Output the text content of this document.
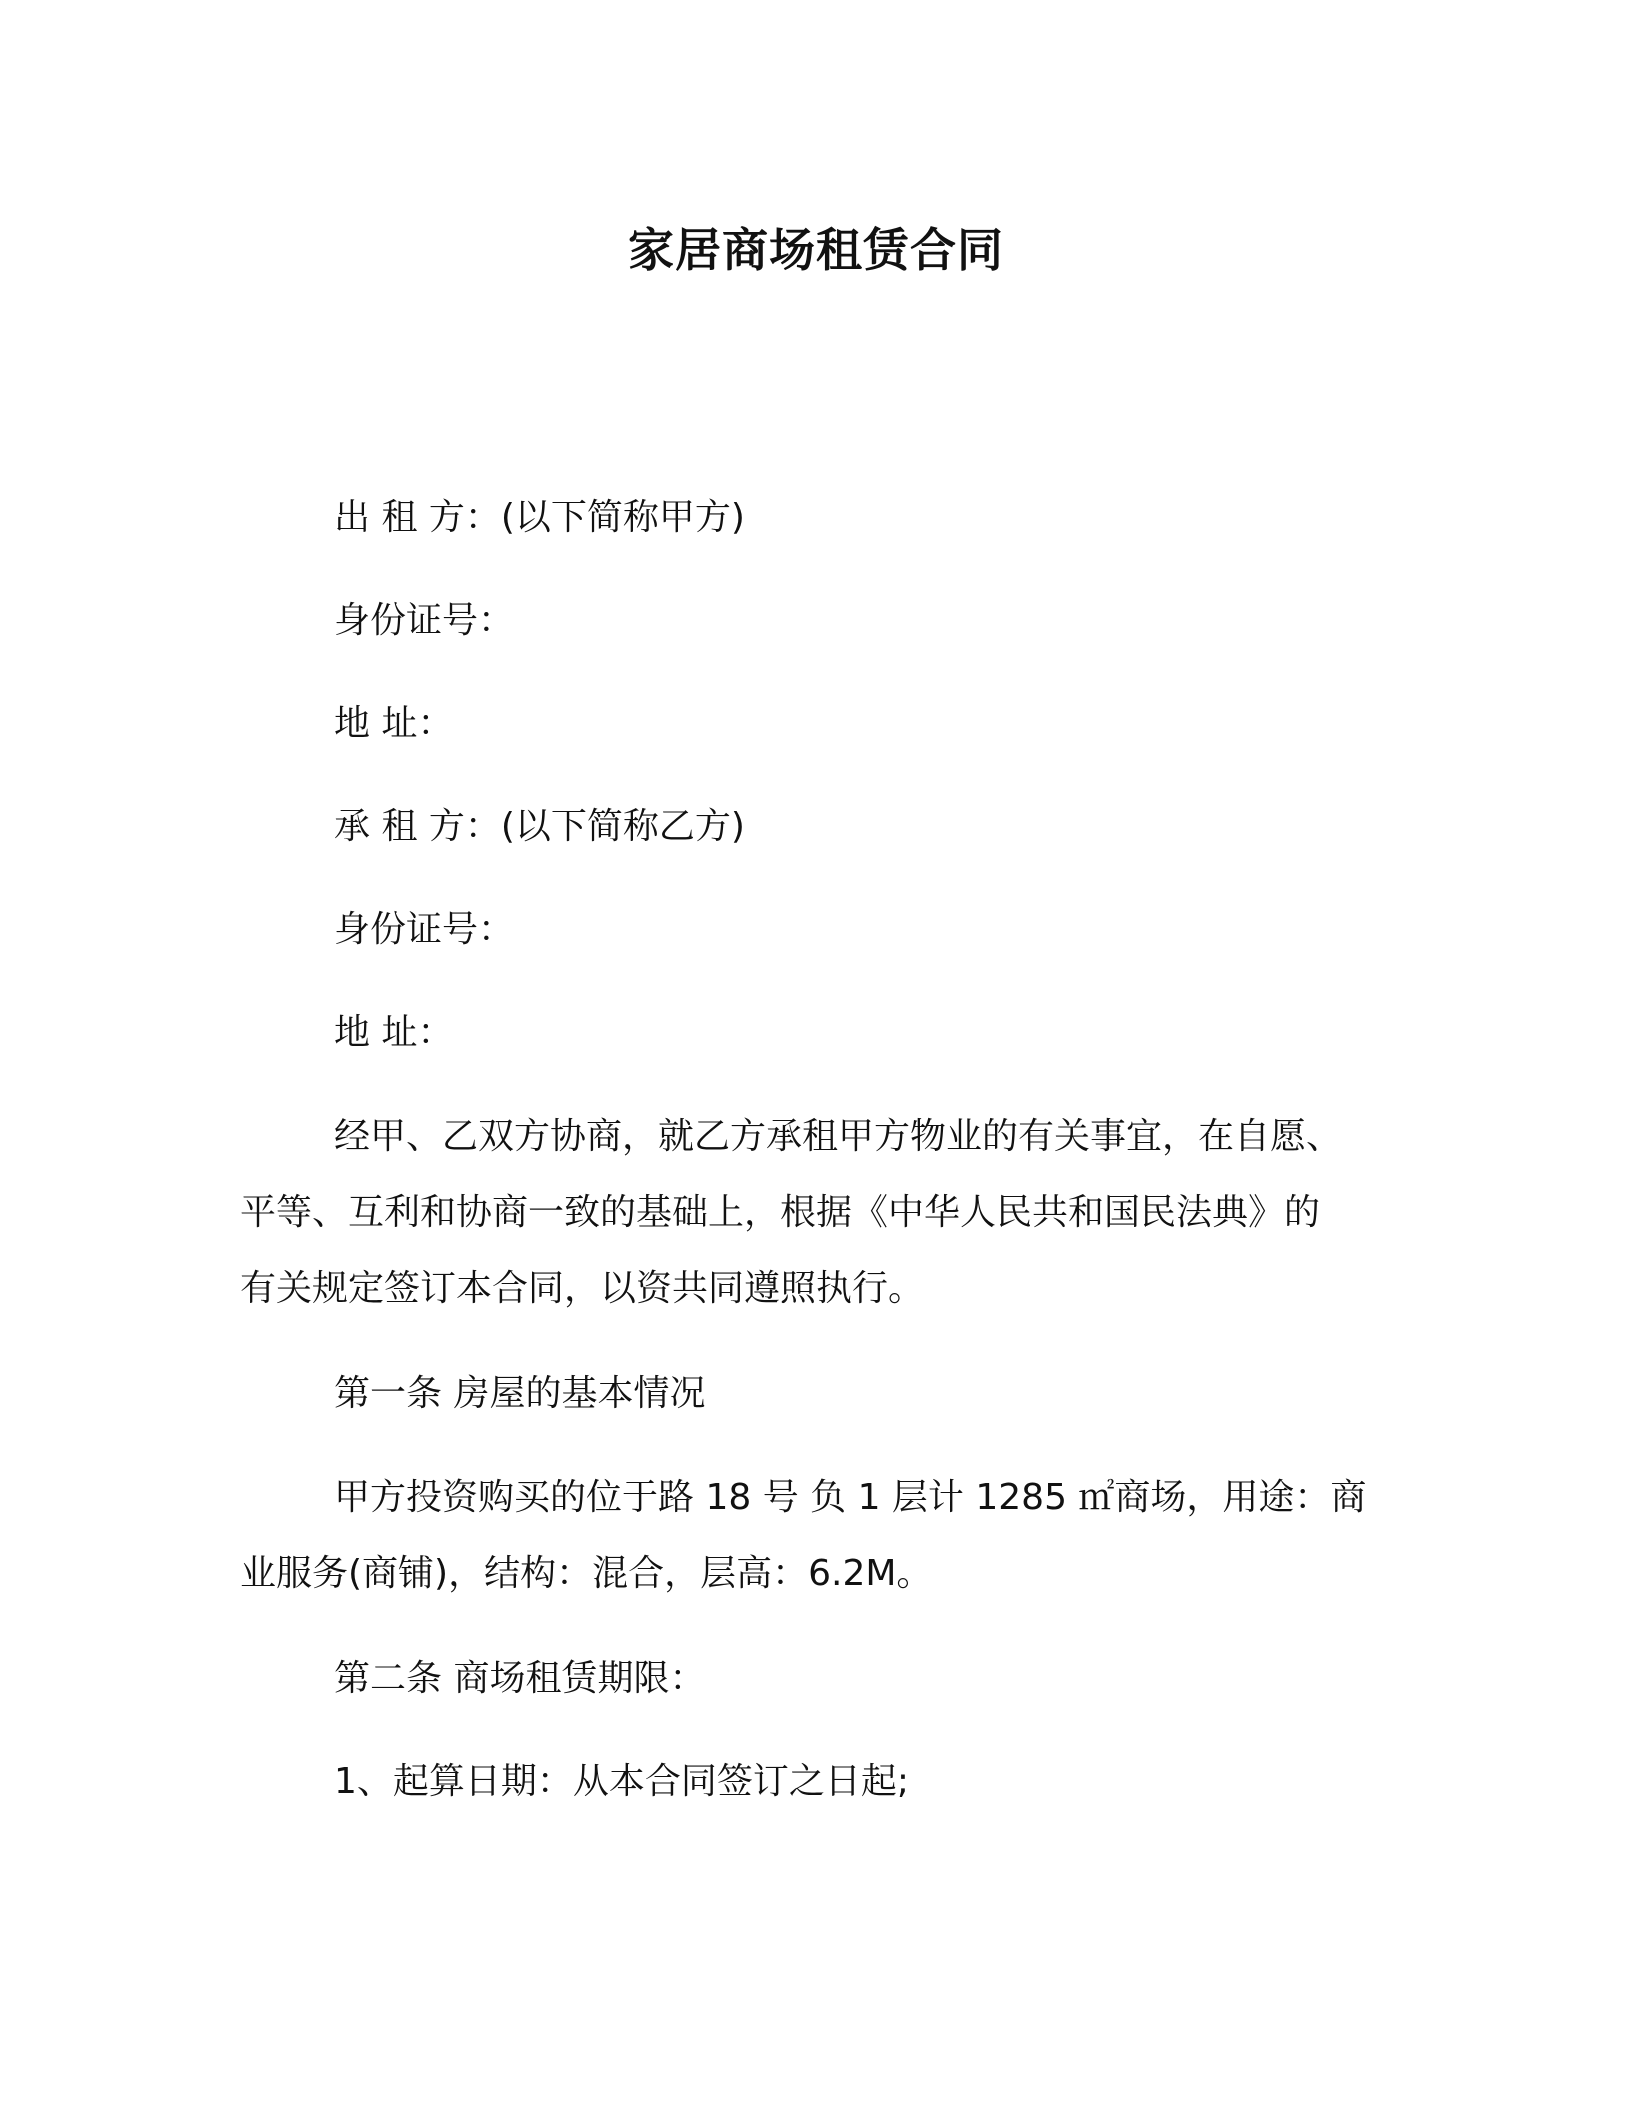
家居商场租赁合同
出 租 方：(以下简称甲方)
身份证号：
地 址：
承 租 方：(以下简称乙方)
身份证号：
地 址：
经甲、乙双方协商，就乙方承租甲方物业的有关事宜，在自愿、
平等、互利和协商一致的基础上，根据《中华人民共和国民法典》的
有关规定签订本合同，以资共同遵照执行。
第一条 房屋的基本情况
甲方投资购买的位于路 18 号 负 1 层计 1285 ㎡商场，用途：商
业服务(商铺)，结构：混合，层高：6.2M。
第二条 商场租赁期限：
1、起算日期：从本合同签订之日起;
